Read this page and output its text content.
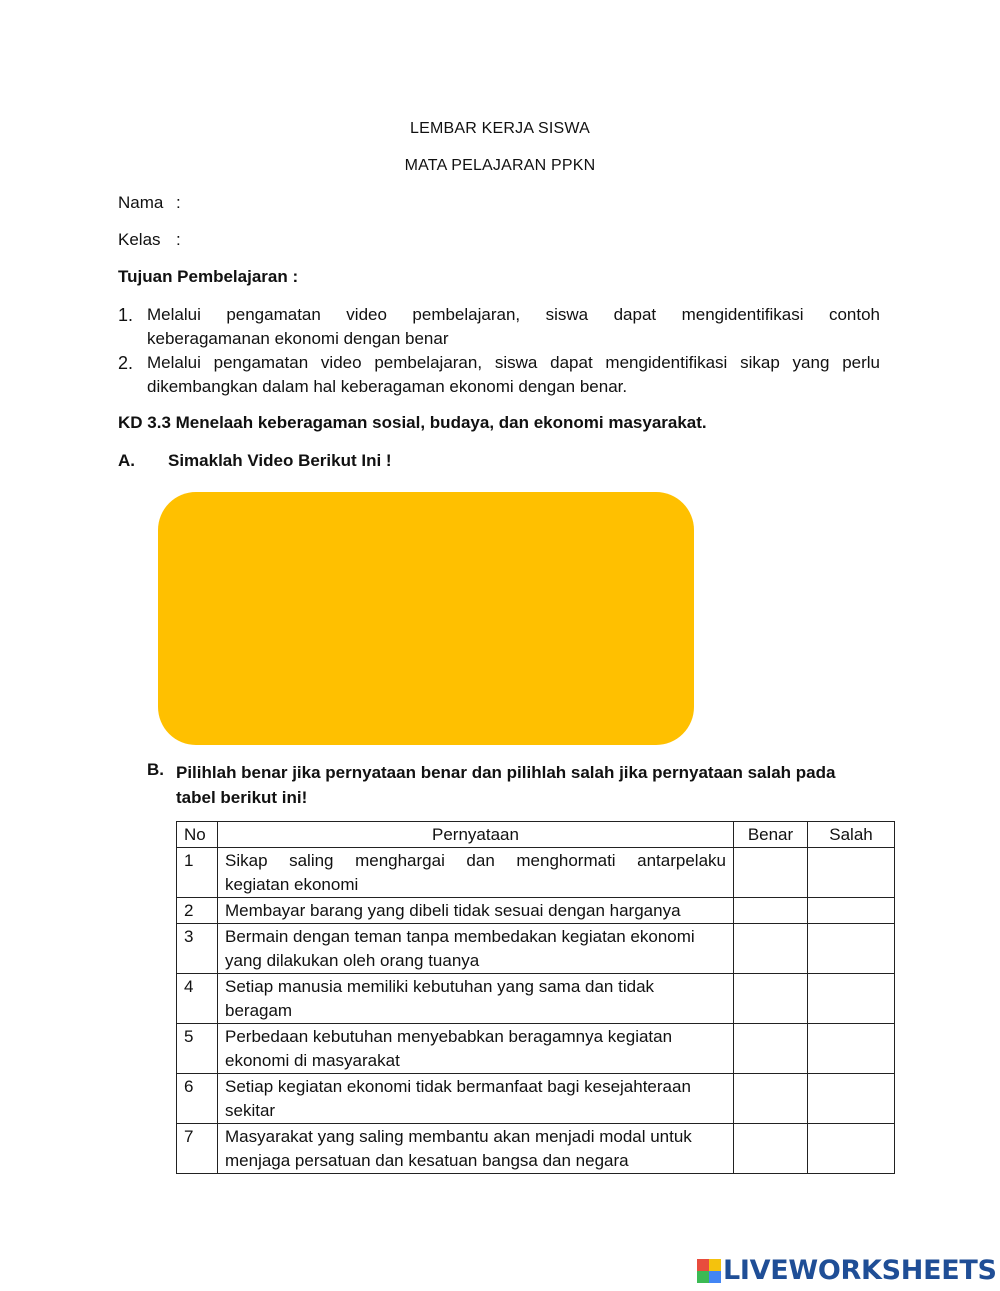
LEMBAR KERJA SISWA
MATA PELAJARAN PPKN
Nama :
Kelas :
Tujuan Pembelajaran :
1. Melalui pengamatan video pembelajaran, siswa dapat mengidentifikasi contoh
keberagamanan ekonomi dengan benar
2. Melalui pengamatan video pembelajaran, siswa dapat mengidentifikasi sikap yang perlu
dikembangkan dalam hal keberagaman ekonomi dengan benar.
KD 3.3 Menelaah keberagaman sosial, budaya, dan ekonomi masyarakat.
A. Simaklah Video Berikut Ini !
B. Pilihlah benar jika pernyataan benar dan pilihlah salah jika pernyataan salah pada
tabel berikut ini!
No	Pernyataan	Benar	Salah
1	Sikap saling menghargai dan menghormati antarpelaku
kegiatan ekonomi		
2	Membayar barang yang dibeli tidak sesuai dengan harganya		
3	Bermain dengan teman tanpa membedakan kegiatan ekonomi
yang dilakukan oleh orang tuanya		

4	Setiap manusia memiliki kebutuhan yang sama dan tidak
beragam		

5	Perbedaan kebutuhan menyebabkan beragamnya kegiatan
ekonomi di masyarakat		

6	Setiap kegiatan ekonomi tidak bermanfaat bagi kesejahteraan
sekitar		

7	Masyarakat yang saling membantu akan menjadi modal untuk
menjaga persatuan dan kesatuan bangsa dan negara		

LIVEWORKSHEETS
